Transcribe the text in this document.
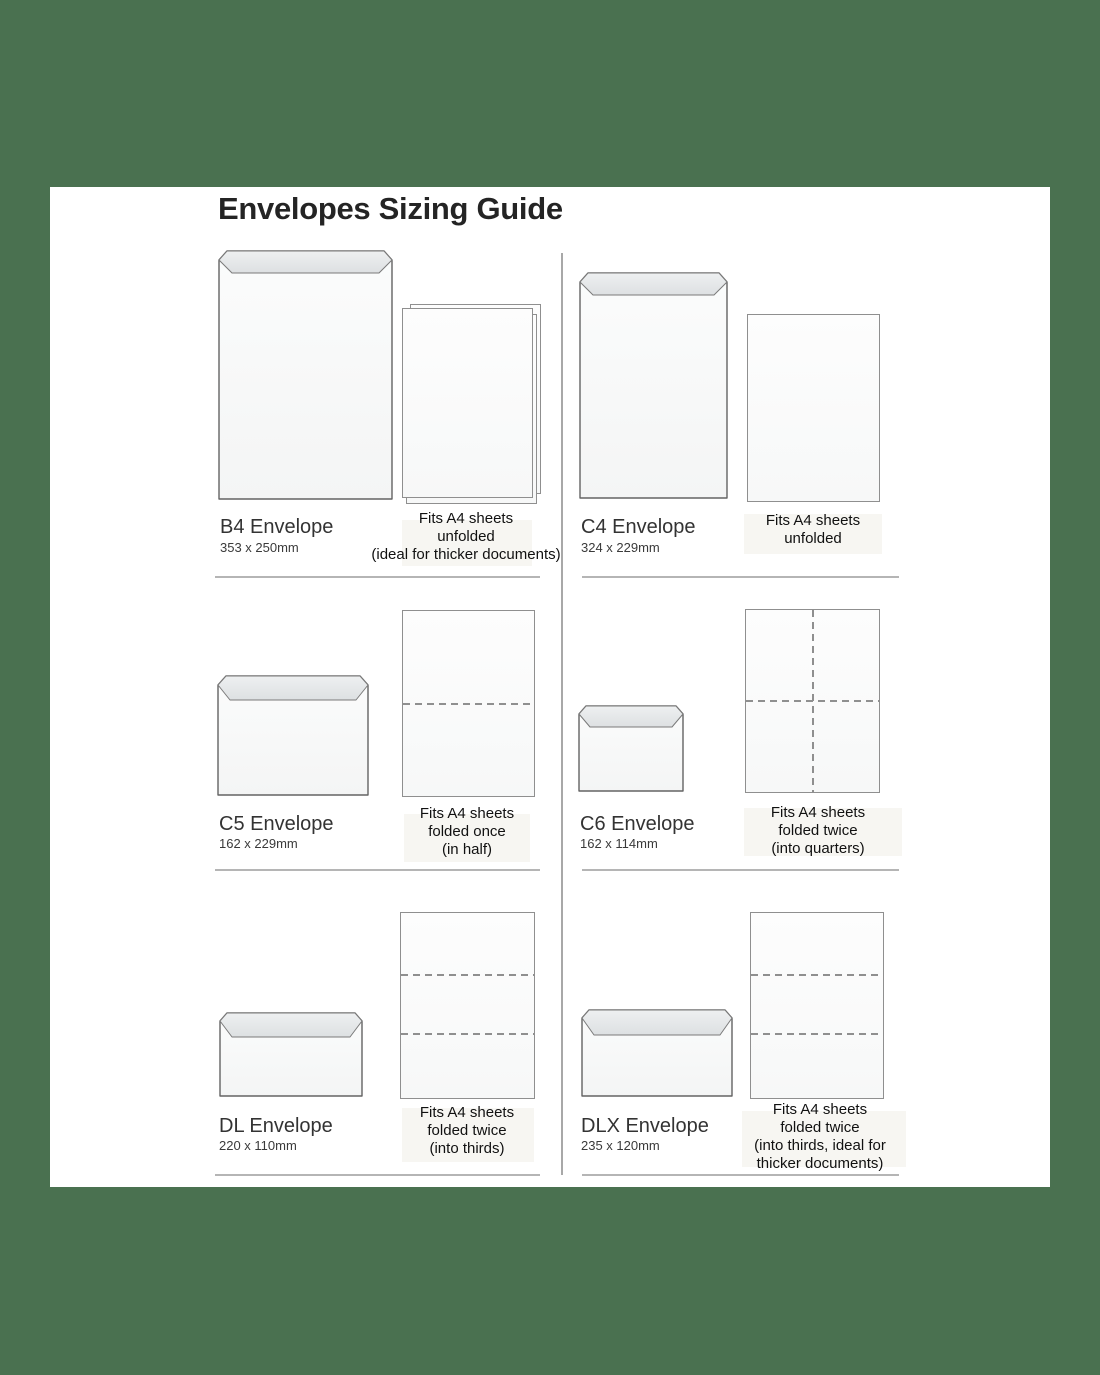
Envelopes Sizing Guide
Fits A4 sheets
unfolded
(ideal for thicker documents)
B4 Envelope
353 x 250mm
Fits A4 sheets
unfolded
C4 Envelope
324 x 229mm
Fits A4 sheets
folded once
(in half)
C5 Envelope
162 x 229mm
Fits A4 sheets
folded twice
(into quarters)
C6 Envelope
162 x 114mm
Fits A4 sheets
folded twice
(into thirds)
DL Envelope
220 x 110mm
Fits A4 sheets
folded twice
(into thirds, ideal for
thicker documents)
DLX Envelope
235 x 120mm
